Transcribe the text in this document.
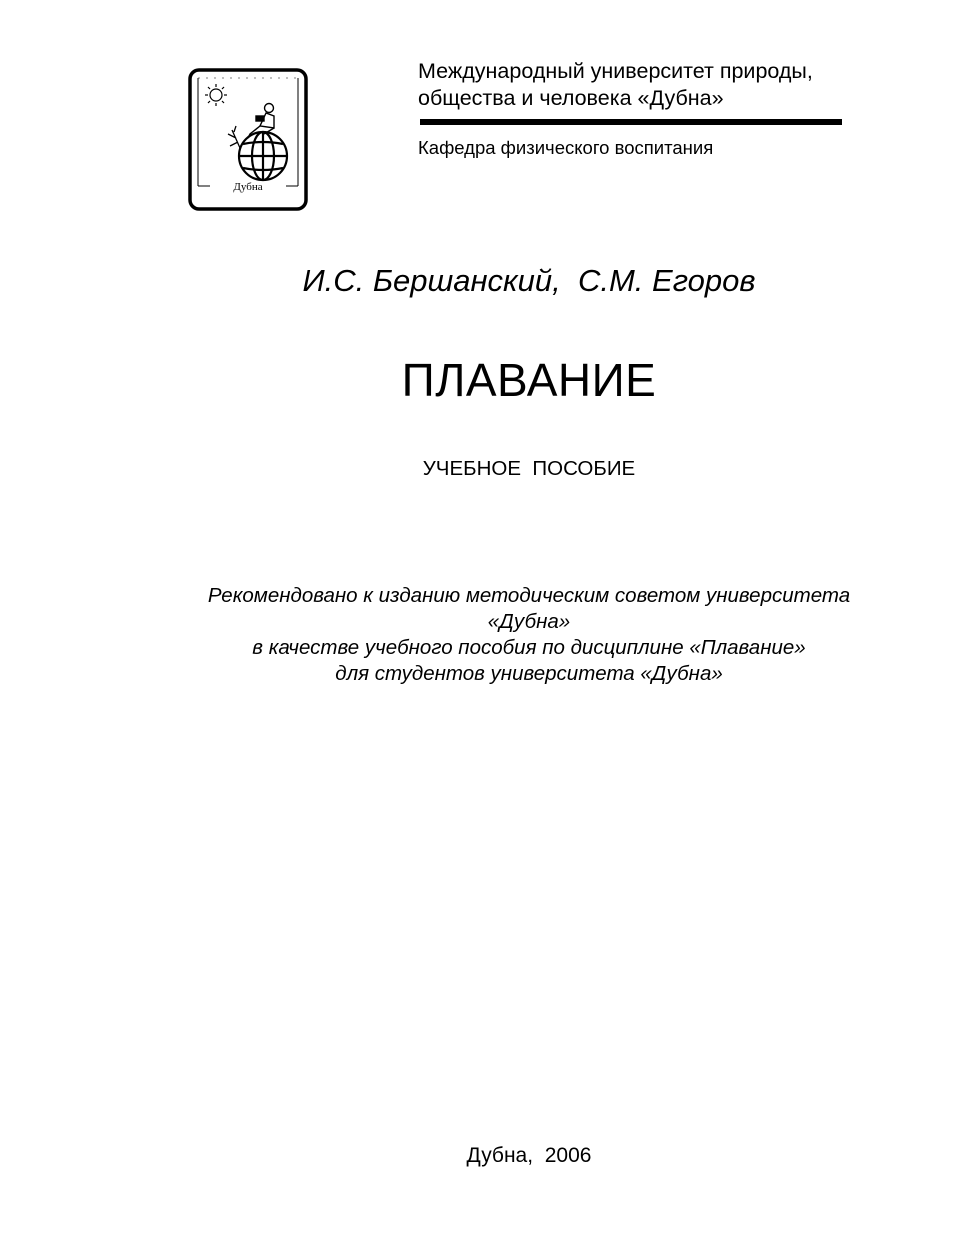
Дубна
Международный университет природы,
общества и человека «Дубна»
Кафедра физического воспитания
И.С. Бершанский,  С.М. Егоров
ПЛАВАНИЕ
УЧЕБНОЕ  ПОСОБИЕ
Рекомендовано к изданию методическим советом университета
«Дубна»
в качестве учебного пособия по дисциплине «Плавание»
для студентов университета «Дубна»
Дубна,  2006
